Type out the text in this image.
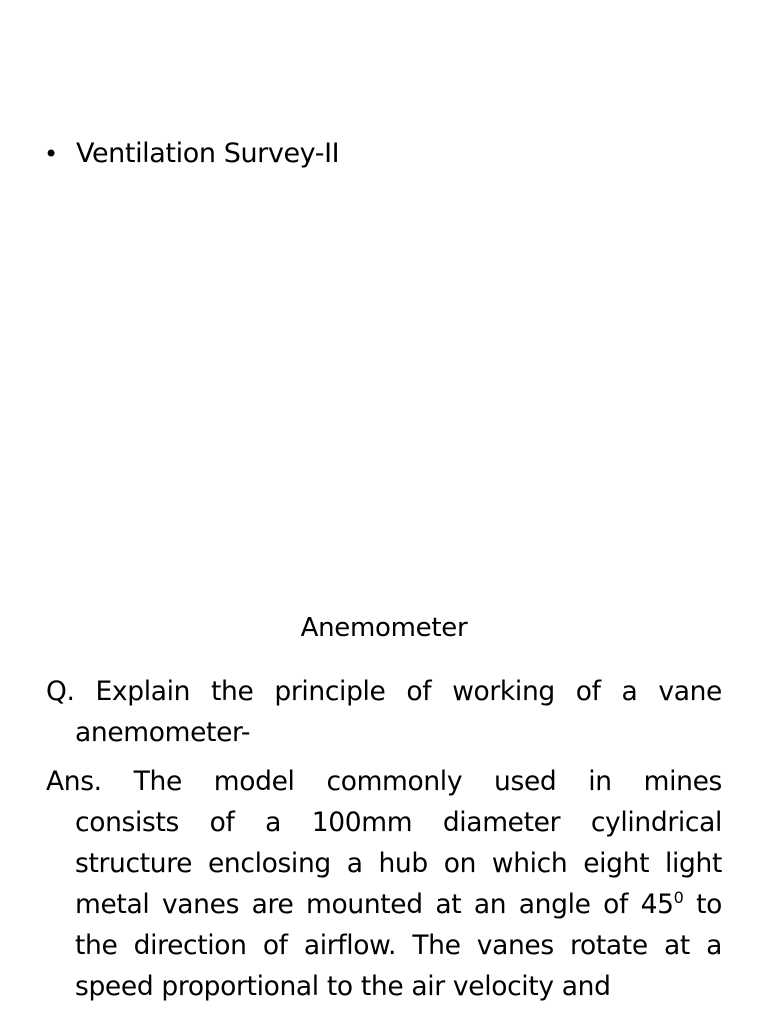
• Ventilation Survey-II
Anemometer
Q. Explain the principle of working of a vane
anemometer-
Ans. The model commonly used in mines
consists of a 100mm diameter cylindrical
structure enclosing a hub on which eight light
metal vanes are mounted at an angle of $45^0$ to
the direction of airflow. The vanes rotate at a
speed proportional to the air velocity and
